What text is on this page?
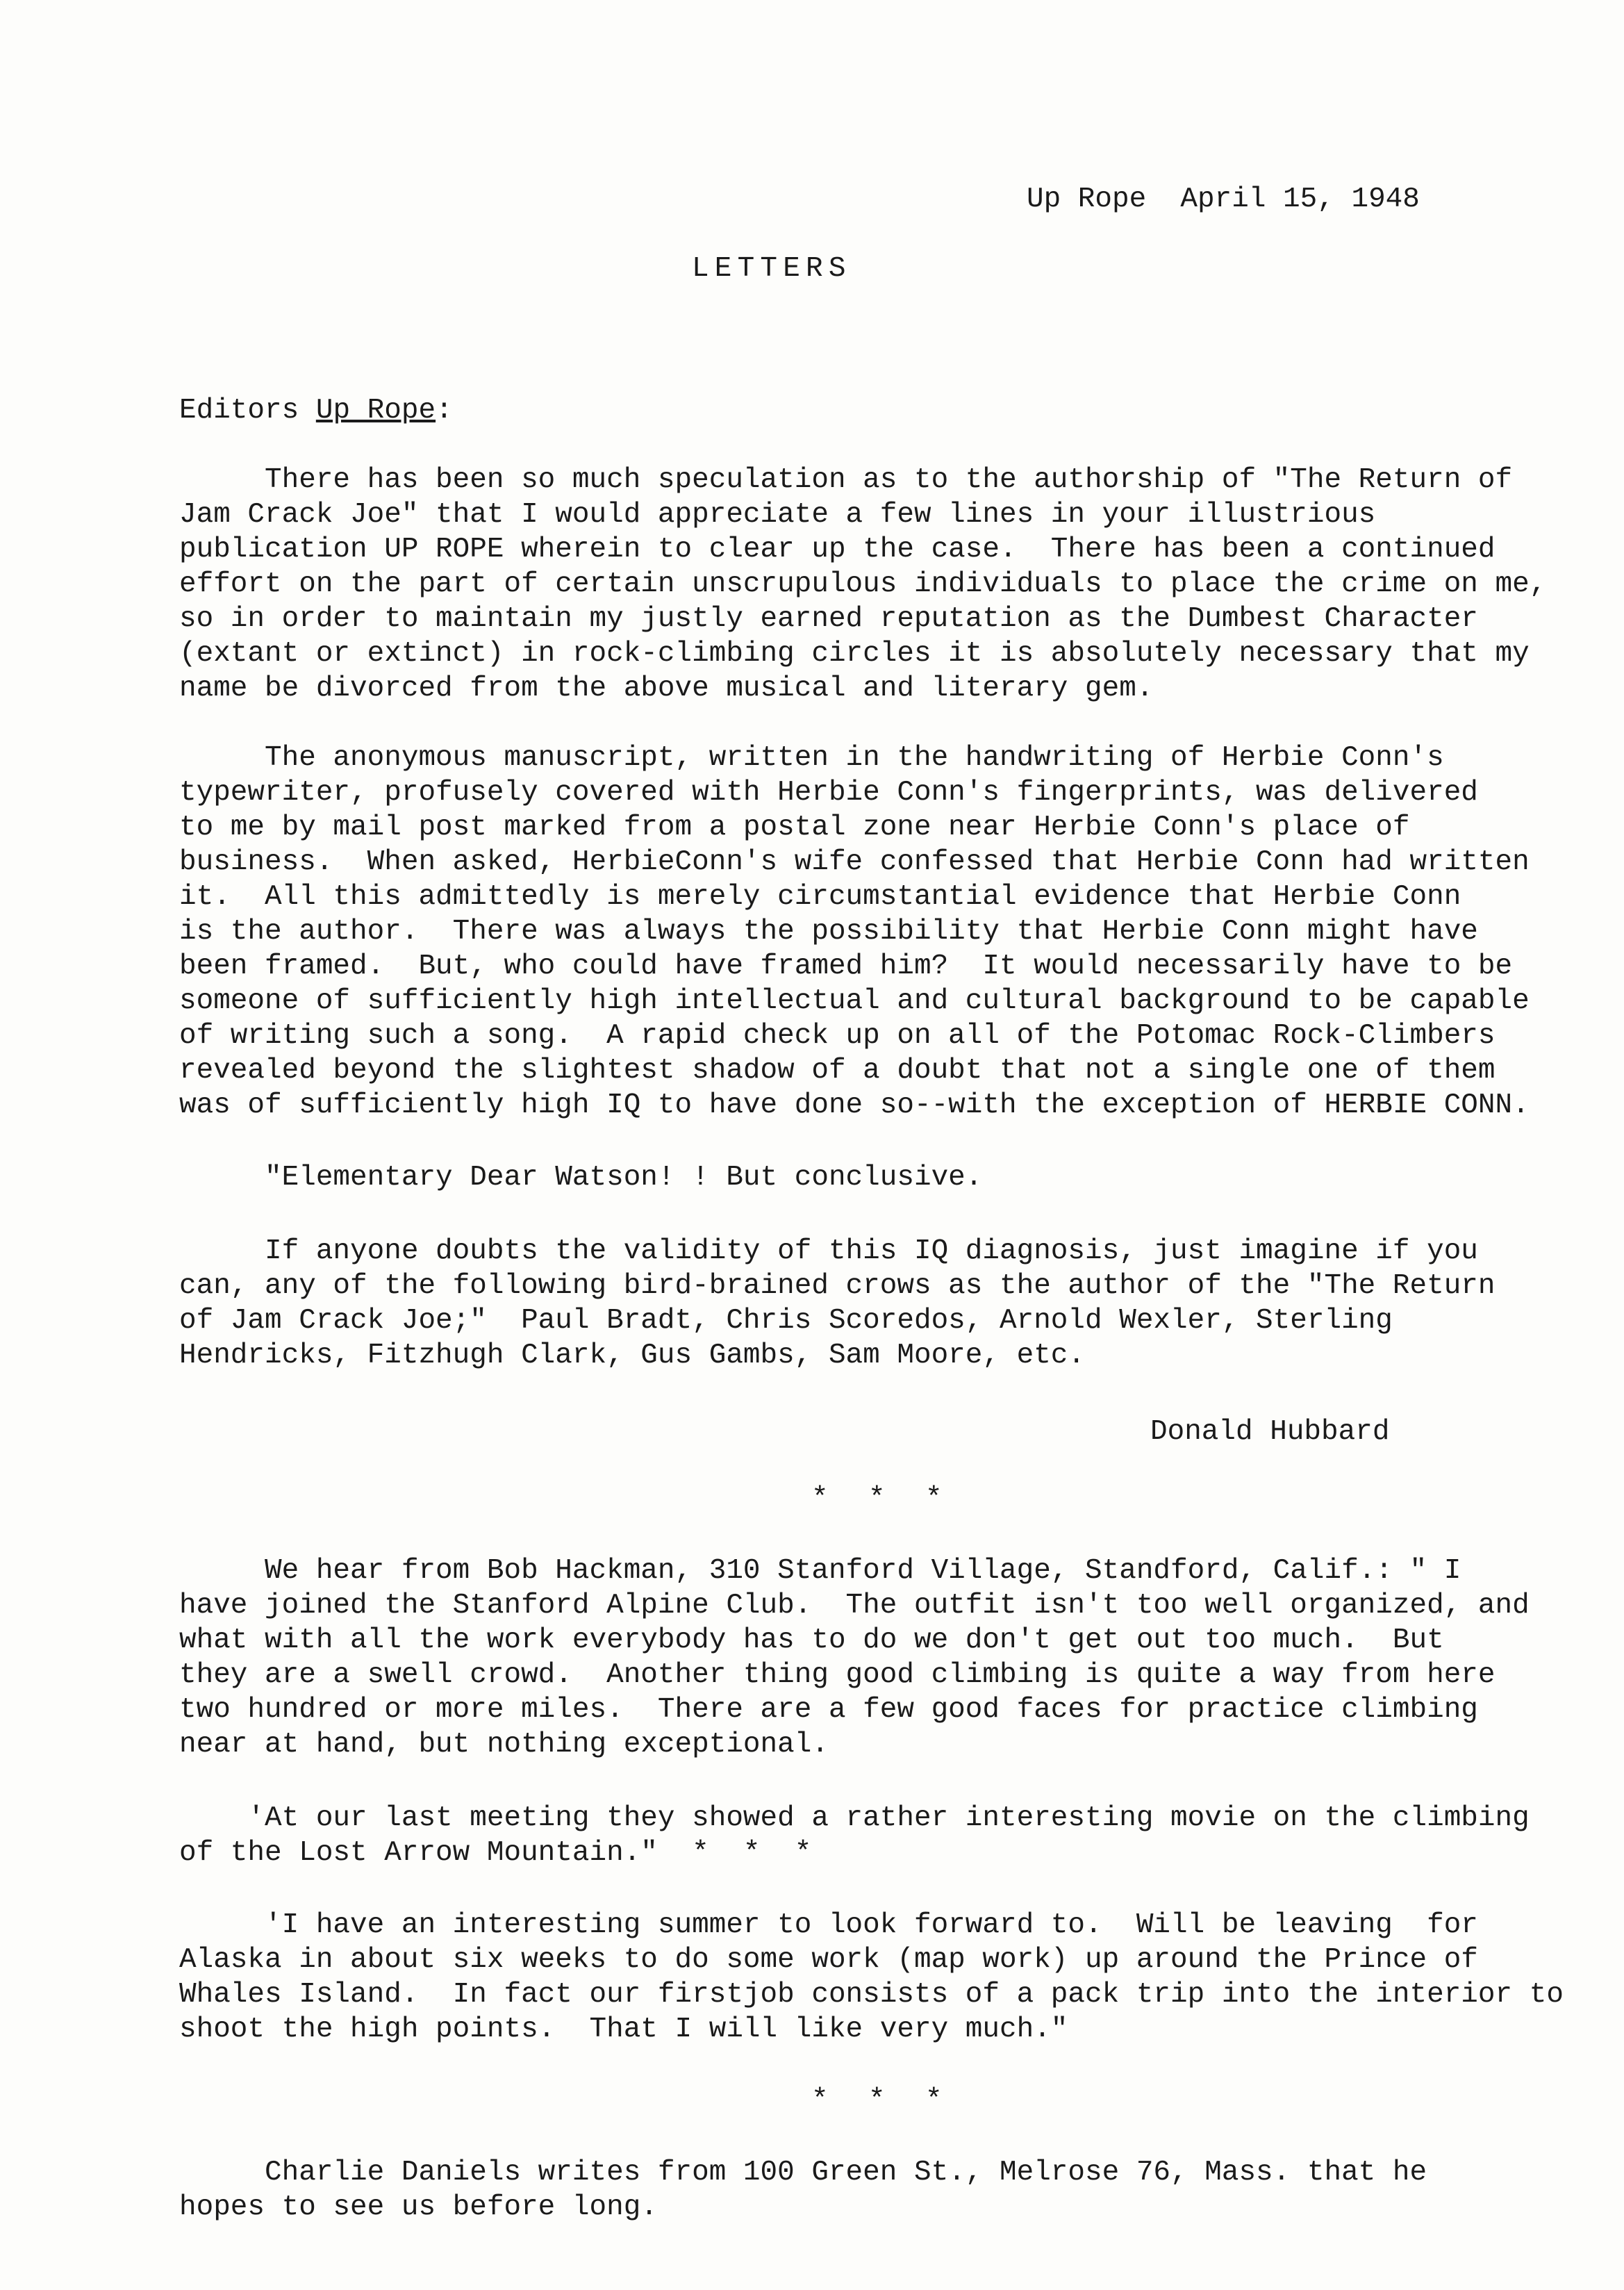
Up Rope  April 15, 1948
LETTERS
Editors Up Rope:
There has been so much speculation as to the authorship of "The Return of
Jam Crack Joe" that I would appreciate a few lines in your illustrious
publication UP ROPE wherein to clear up the case.  There has been a continued
effort on the part of certain unscrupulous individuals to place the crime on me,
so in order to maintain my justly earned reputation as the Dumbest Character
(extant or extinct) in rock-climbing circles it is absolutely necessary that my
name be divorced from the above musical and literary gem.
The anonymous manuscript, written in the handwriting of Herbie Conn's
typewriter, profusely covered with Herbie Conn's fingerprints, was delivered
to me by mail post marked from a postal zone near Herbie Conn's place of
business.  When asked, HerbieConn's wife confessed that Herbie Conn had written
it.  All this admittedly is merely circumstantial evidence that Herbie Conn
is the author.  There was always the possibility that Herbie Conn might have
been framed.  But, who could have framed him?  It would necessarily have to be
someone of sufficiently high intellectual and cultural background to be capable
of writing such a song.  A rapid check up on all of the Potomac Rock-Climbers
revealed beyond the slightest shadow of a doubt that not a single one of them
was of sufficiently high IQ to have done so--with the exception of HERBIE CONN.
"Elementary Dear Watson! ! But conclusive.
If anyone doubts the validity of this IQ diagnosis, just imagine if you
can, any of the following bird-brained crows as the author of the "The Return
of Jam Crack Joe;"  Paul Bradt, Chris Scoredos, Arnold Wexler, Sterling
Hendricks, Fitzhugh Clark, Gus Gambs, Sam Moore, etc.
Donald Hubbard
* * *
We hear from Bob Hackman, 310 Stanford Village, Standford, Calif.: " I
have joined the Stanford Alpine Club.  The outfit isn't too well organized, and
what with all the work everybody has to do we don't get out too much.  But
they are a swell crowd.  Another thing good climbing is quite a way from here
two hundred or more miles.  There are a few good faces for practice climbing
near at hand, but nothing exceptional.
'At our last meeting they showed a rather interesting movie on the climbing
of the Lost Arrow Mountain."  *  *  *
'I have an interesting summer to look forward to.  Will be leaving  for
Alaska in about six weeks to do some work (map work) up around the Prince of
Whales Island.  In fact our firstjob consists of a pack trip into the interior to
shoot the high points.  That I will like very much."
* * *
Charlie Daniels writes from 100 Green St., Melrose 76, Mass. that he
hopes to see us before long.
